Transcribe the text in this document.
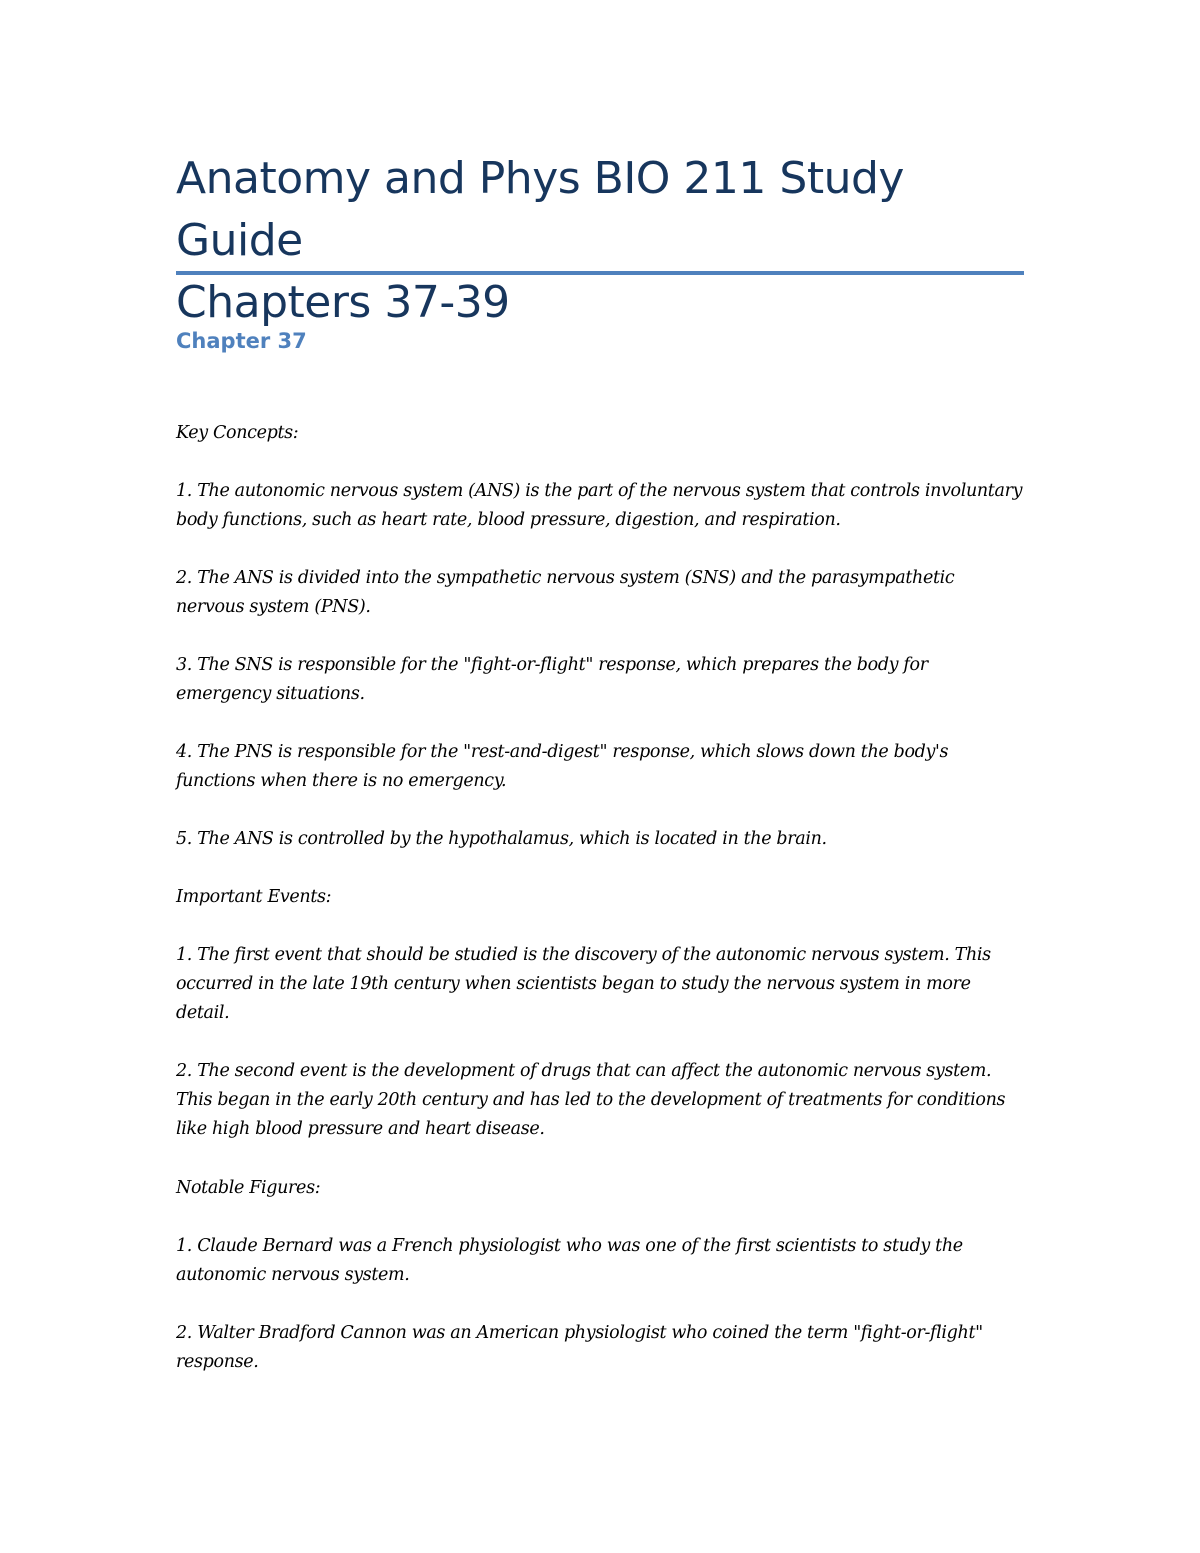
Anatomy and Phys BIO 211 Study Guide
Chapters 37-39
Chapter 37

Key Concepts:

1. The autonomic nervous system (ANS) is the part of the nervous system that controls involuntary body functions, such as heart rate, blood pressure, digestion, and respiration.

2. The ANS is divided into the sympathetic nervous system (SNS) and the parasympathetic nervous system (PNS).

3. The SNS is responsible for the "fight-or-flight" response, which prepares the body for emergency situations.

4. The PNS is responsible for the "rest-and-digest" response, which slows down the body's functions when there is no emergency.

5. The ANS is controlled by the hypothalamus, which is located in the brain.

Important Events:

1. The first event that should be studied is the discovery of the autonomic nervous system. This occurred in the late 19th century when scientists began to study the nervous system in more detail.

2. The second event is the development of drugs that can affect the autonomic nervous system. This began in the early 20th century and has led to the development of treatments for conditions like high blood pressure and heart disease.

Notable Figures:

1. Claude Bernard was a French physiologist who was one of the first scientists to study the autonomic nervous system.

2. Walter Bradford Cannon was an American physiologist who coined the term "fight-or-flight" response.
